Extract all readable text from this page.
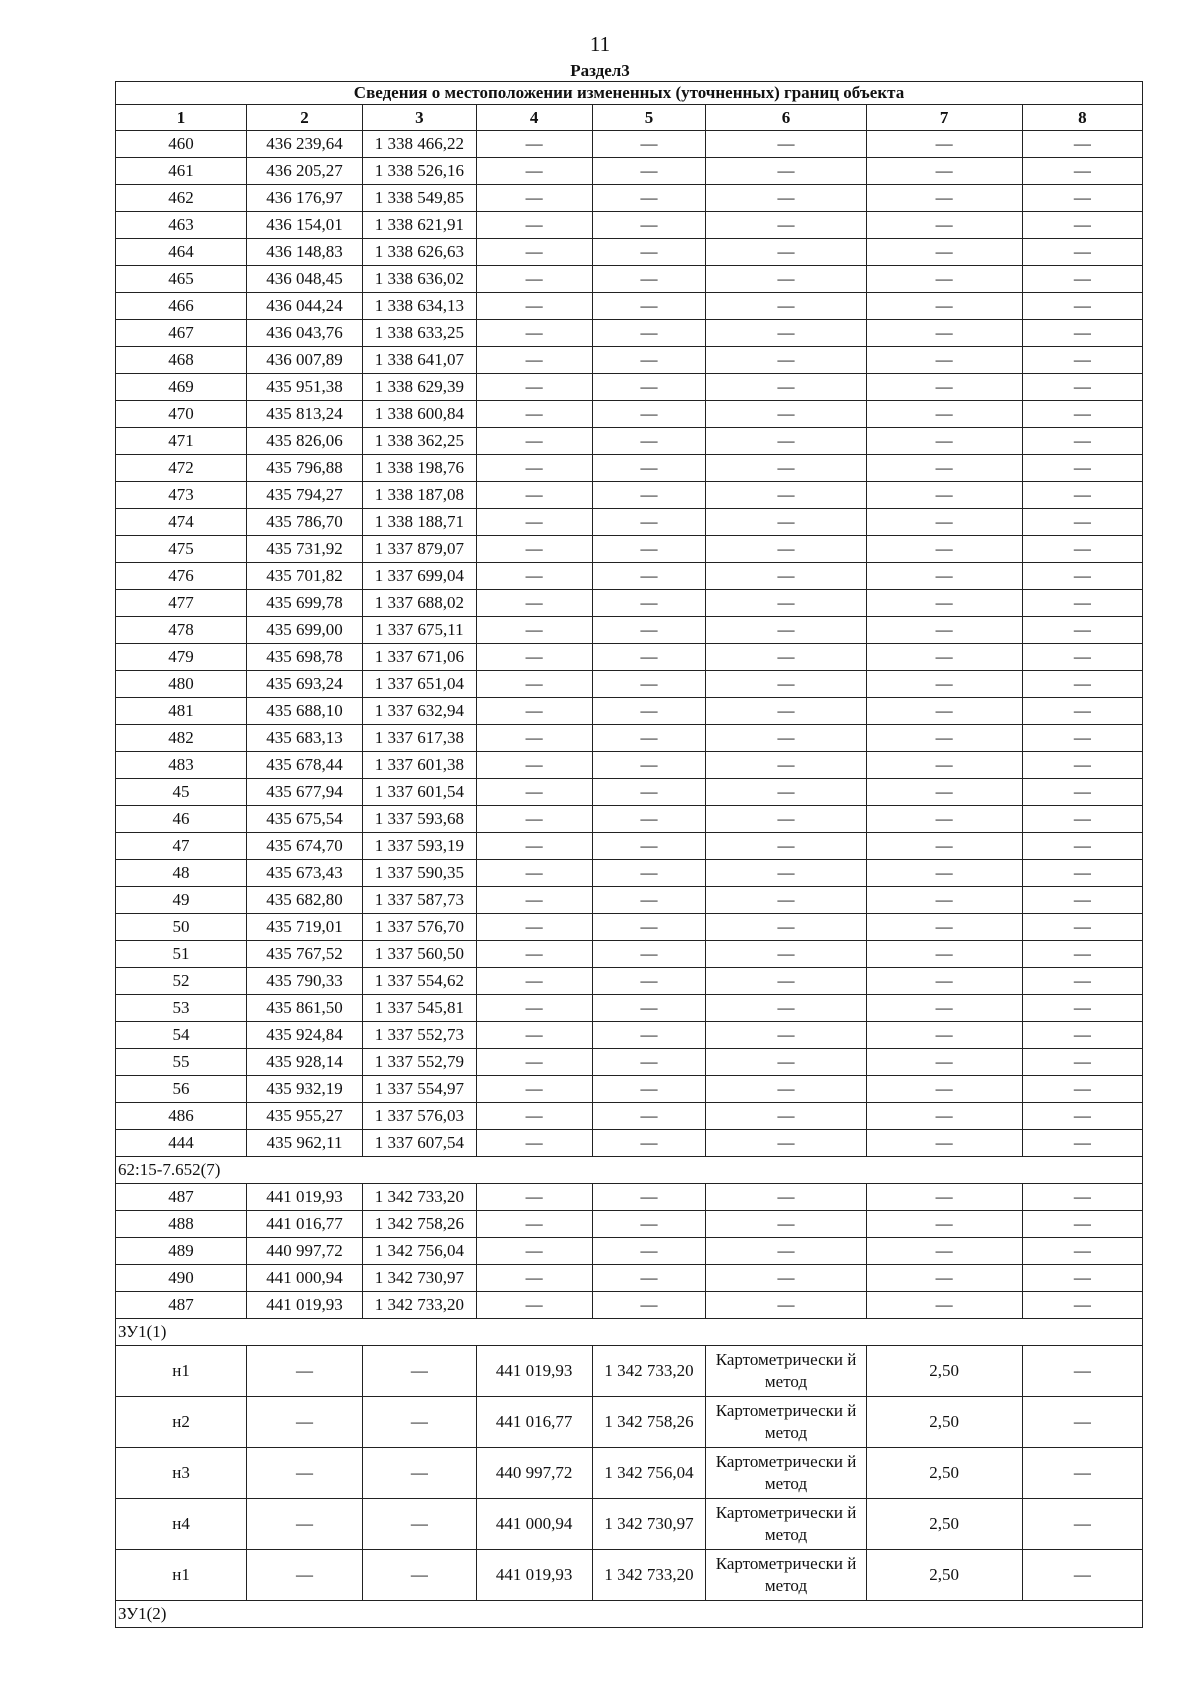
11
Раздел3
Сведения о местоположении измененных (уточненных) границ объекта							
1	2	3	4	5	6	7	8
460	436 239,64	1 338 466,22	—	—	—	—	—
461	436 205,27	1 338 526,16	—	—	—	—	—
462	436 176,97	1 338 549,85	—	—	—	—	—
463	436 154,01	1 338 621,91	—	—	—	—	—
464	436 148,83	1 338 626,63	—	—	—	—	—
465	436 048,45	1 338 636,02	—	—	—	—	—
466	436 044,24	1 338 634,13	—	—	—	—	—
467	436 043,76	1 338 633,25	—	—	—	—	—
468	436 007,89	1 338 641,07	—	—	—	—	—
469	435 951,38	1 338 629,39	—	—	—	—	—
470	435 813,24	1 338 600,84	—	—	—	—	—
471	435 826,06	1 338 362,25	—	—	—	—	—
472	435 796,88	1 338 198,76	—	—	—	—	—
473	435 794,27	1 338 187,08	—	—	—	—	—
474	435 786,70	1 338 188,71	—	—	—	—	—
475	435 731,92	1 337 879,07	—	—	—	—	—
476	435 701,82	1 337 699,04	—	—	—	—	—
477	435 699,78	1 337 688,02	—	—	—	—	—
478	435 699,00	1 337 675,11	—	—	—	—	—
479	435 698,78	1 337 671,06	—	—	—	—	—
480	435 693,24	1 337 651,04	—	—	—	—	—
481	435 688,10	1 337 632,94	—	—	—	—	—
482	435 683,13	1 337 617,38	—	—	—	—	—
483	435 678,44	1 337 601,38	—	—	—	—	—
45	435 677,94	1 337 601,54	—	—	—	—	—
46	435 675,54	1 337 593,68	—	—	—	—	—
47	435 674,70	1 337 593,19	—	—	—	—	—
48	435 673,43	1 337 590,35	—	—	—	—	—
49	435 682,80	1 337 587,73	—	—	—	—	—
50	435 719,01	1 337 576,70	—	—	—	—	—
51	435 767,52	1 337 560,50	—	—	—	—	—
52	435 790,33	1 337 554,62	—	—	—	—	—
53	435 861,50	1 337 545,81	—	—	—	—	—
54	435 924,84	1 337 552,73	—	—	—	—	—
55	435 928,14	1 337 552,79	—	—	—	—	—
56	435 932,19	1 337 554,97	—	—	—	—	—
486	435 955,27	1 337 576,03	—	—	—	—	—
444	435 962,11	1 337 607,54	—	—	—	—	—
62:15-7.652(7)							
487	441 019,93	1 342 733,20	—	—	—	—	—
488	441 016,77	1 342 758,26	—	—	—	—	—
489	440 997,72	1 342 756,04	—	—	—	—	—
490	441 000,94	1 342 730,97	—	—	—	—	—
487	441 019,93	1 342 733,20	—	—	—	—	—
ЗУ1(1)							
н1	—	—	441 019,93	1 342 733,20	Картометрически й метод	2,50	—
н2	—	—	441 016,77	1 342 758,26	Картометрически й метод	2,50	—
н3	—	—	440 997,72	1 342 756,04	Картометрически й метод	2,50	—
н4	—	—	441 000,94	1 342 730,97	Картометрически й метод	2,50	—
н1	—	—	441 019,93	1 342 733,20	Картометрически й метод	2,50	—
ЗУ1(2)							
